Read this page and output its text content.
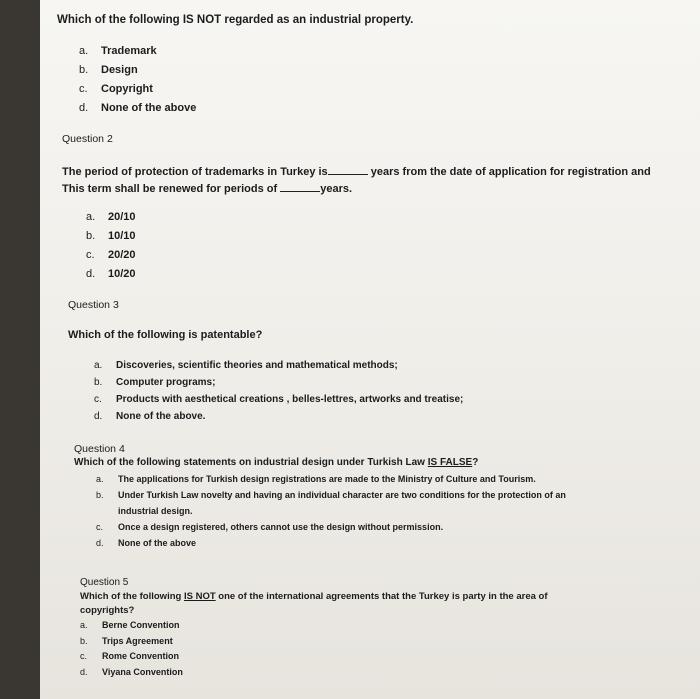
Which of the following IS NOT regarded as an industrial property.
a.	Trademark
b.	Design
c.	Copyright
d.	None of the above
Question 2
The period of protection of trademarks in Turkey is	years from the date of application for registration and
This term shall be renewed for periods of	years.
a.	20/10
b.	10/10
c.	20/20
d.	10/20
Question 3
Which of the following is patentable?
a.	Discoveries, scientific theories and mathematical methods;
b.	Computer programs;
c.	Products with aesthetical creations , belles-lettres, artworks and treatise;
d.	None of the above.
Question 4
Which of the following statements on industrial design under Turkish Law IS FALSE?
a.	The applications for Turkish design registrations are made to the Ministry of Culture and Tourism.
b.	Under Turkish Law novelty and having an individual character are two conditions for the protection of an
industrial design.
c.	Once a design registered, others cannot use the design without permission.
d.	None of the above
Question 5
Which of the following IS NOT one of the international agreements that the Turkey is party in the area of
copyrights?
a.	Berne Convention
b.	Trips Agreement
c.	Rome Convention
d.	Viyana Convention
